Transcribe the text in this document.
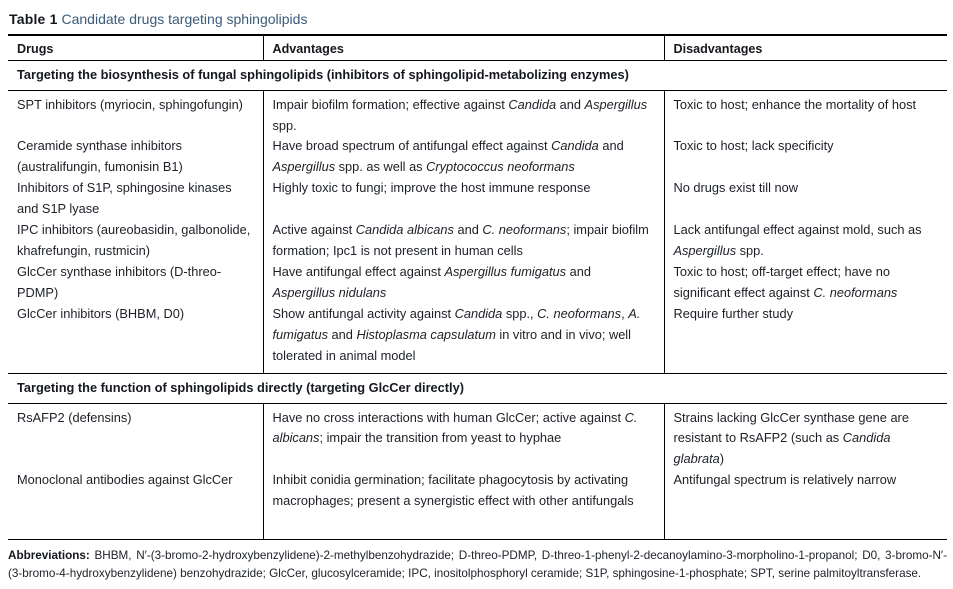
Table 1 Candidate drugs targeting sphingolipids
Drugs	Advantages	Disadvantages
Targeting the biosynthesis of fungal sphingolipids (inhibitors of sphingolipid-metabolizing enzymes)		
SPT inhibitors (myriocin, sphingofungin)	Impair biofilm formation; effective against Candida and Aspergillus spp.	Toxic to host; enhance the mortality of host
Ceramide synthase inhibitors (australifungin, fumonisin B1)	Have broad spectrum of antifungal effect against Candida and Aspergillus spp. as well as Cryptococcus neoformans	Toxic to host; lack specificity
Inhibitors of S1P, sphingosine kinases and S1P lyase	Highly toxic to fungi; improve the host immune response	No drugs exist till now
IPC inhibitors (aureobasidin, galbonolide, khafrefungin, rustmicin)	Active against Candida albicans and C. neoformans; impair biofilm formation; Ipc1 is not present in human cells	Lack antifungal effect against mold, such as Aspergillus spp.
GlcCer synthase inhibitors (D-threo-PDMP)	Have antifungal effect against Aspergillus fumigatus and Aspergillus nidulans	Toxic to host; off-target effect; have no significant effect against C. neoformans
GlcCer inhibitors (BHBM, D0)	Show antifungal activity against Candida spp., C. neoformans, A. fumigatus and Histoplasma capsulatum in vitro and in vivo; well tolerated in animal model	Require further study
Targeting the function of sphingolipids directly (targeting GlcCer directly)		
RsAFP2 (defensins)	Have no cross interactions with human GlcCer; active against C. albicans; impair the transition from yeast to hyphae	Strains lacking GlcCer synthase gene are resistant to RsAFP2 (such as Candida glabrata)
Monoclonal antibodies against GlcCer	Inhibit conidia germination; facilitate phagocytosis by activating macrophages; present a synergistic effect with other antifungals	Antifungal spectrum is relatively narrow
Abbreviations: BHBM, N′-(3-bromo-2-hydroxybenzylidene)-2-methylbenzohydrazide; D-threo-PDMP, D-threo-1-phenyl-2-decanoylamino-3-morpholino-1-propanol; D0, 3-bromo-N′-(3-bromo-4-hydroxybenzylidene) benzohydrazide; GlcCer, glucosylceramide; IPC, inositolphosphoryl ceramide; S1P, sphingosine-1-phosphate; SPT, serine palmitoyltransferase.
